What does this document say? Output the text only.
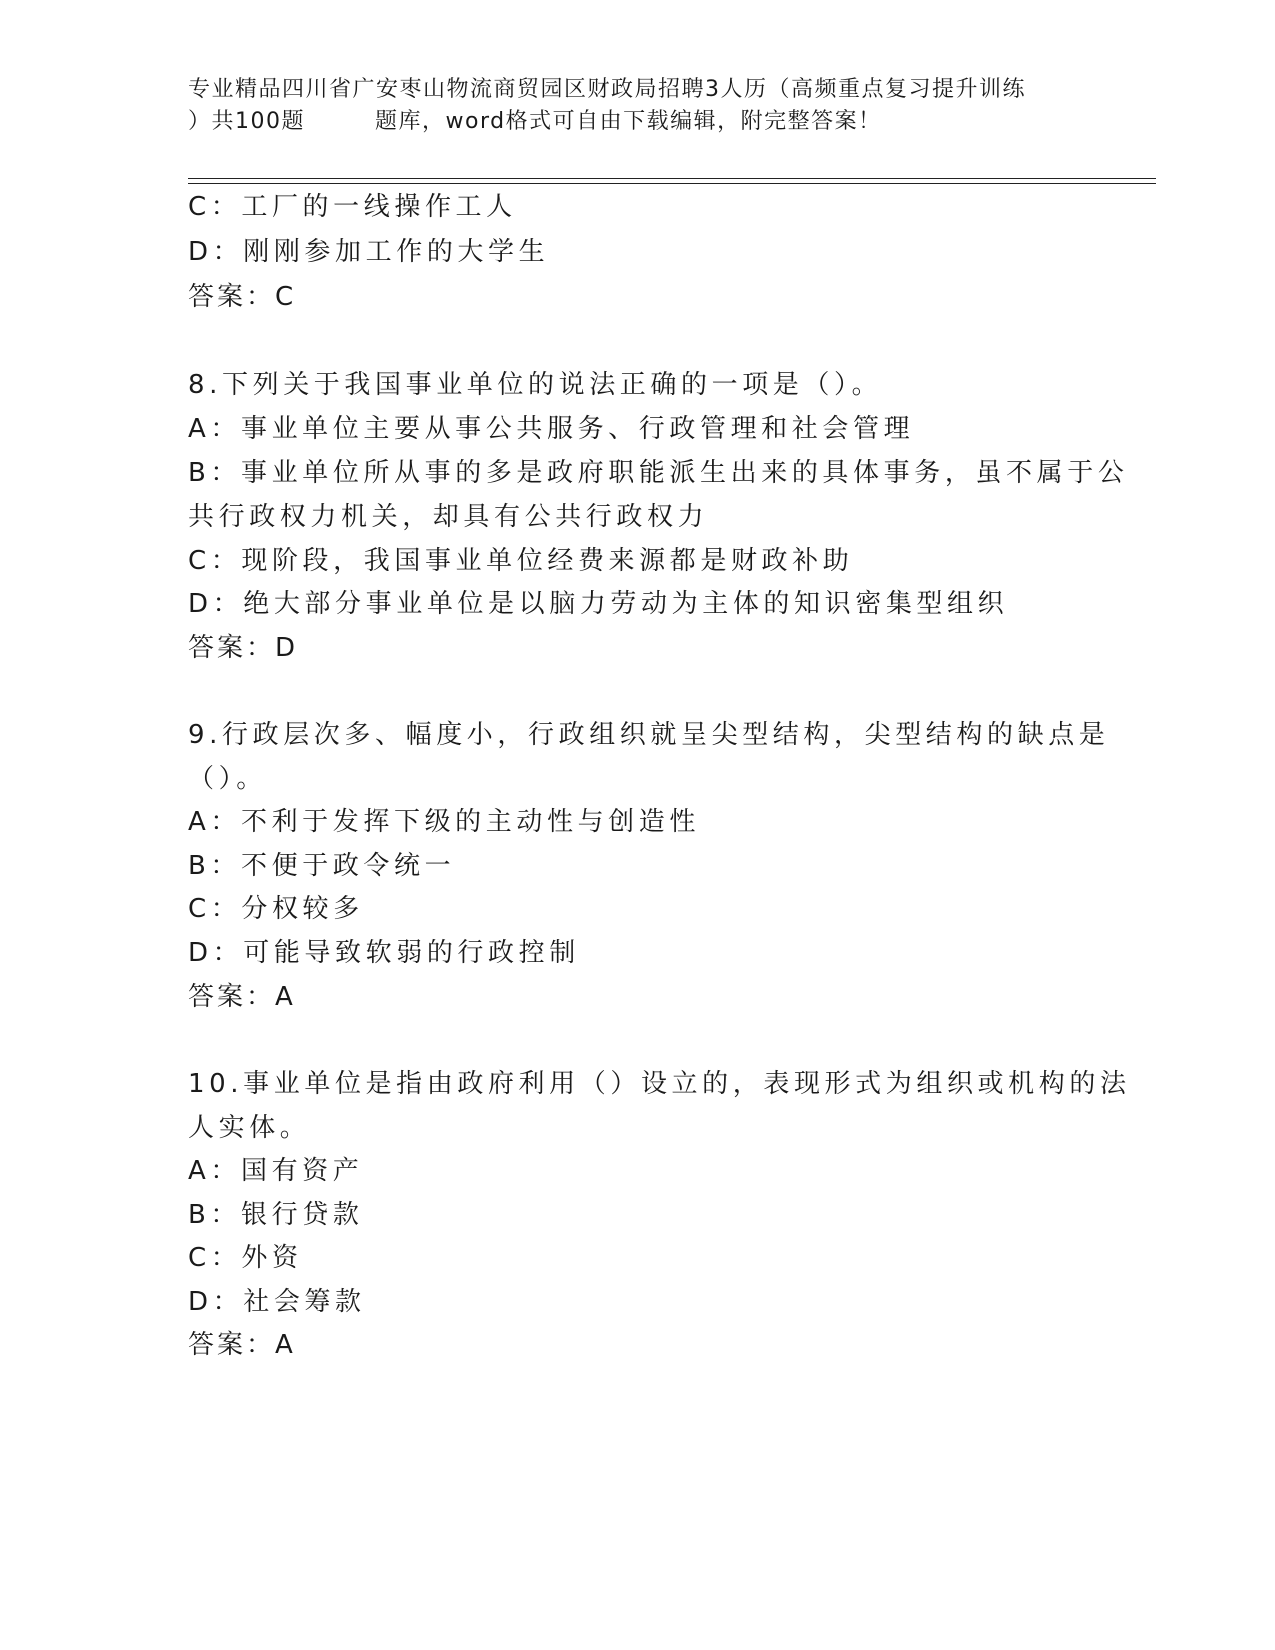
专业精品四川省广安枣山物流商贸园区财政局招聘3人历（高频重点复习提升训练
）共100题	题库，word格式可自由下载编辑，附完整答案！
C：工厂的一线操作工人
D：刚刚参加工作的大学生
答案：C
8.下列关于我国事业单位的说法正确的一项是（）。
A：事业单位主要从事公共服务、行政管理和社会管理
B：事业单位所从事的多是政府职能派生出来的具体事务，虽不属于公
共行政权力机关，却具有公共行政权力
C：现阶段，我国事业单位经费来源都是财政补助
D：绝大部分事业单位是以脑力劳动为主体的知识密集型组织
答案：D
9.行政层次多、幅度小，行政组织就呈尖型结构，尖型结构的缺点是
（）。
A：不利于发挥下级的主动性与创造性
B：不便于政令统一
C：分权较多
D：可能导致软弱的行政控制
答案：A
10.事业单位是指由政府利用（）设立的，表现形式为组织或机构的法
人实体。
A：国有资产
B：银行贷款
C：外资
D：社会筹款
答案：A
